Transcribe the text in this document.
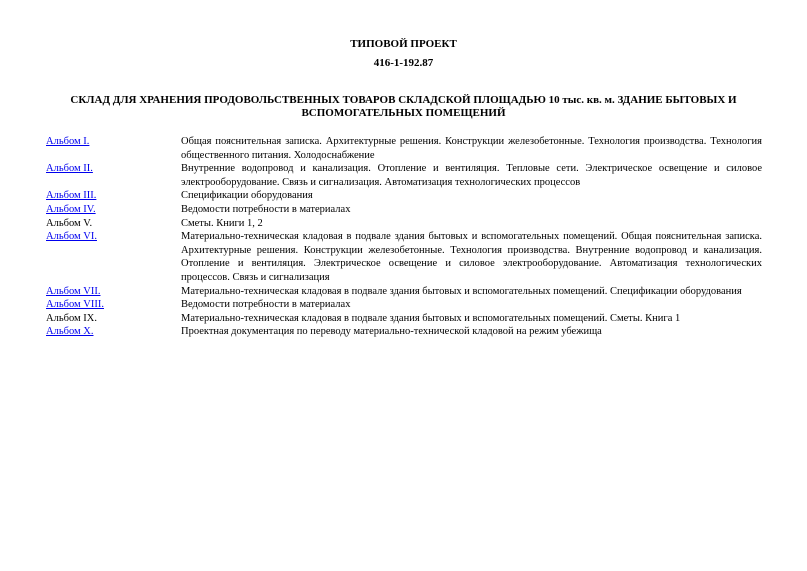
ТИПОВОЙ ПРОЕКТ
416-1-192.87
СКЛАД ДЛЯ ХРАНЕНИЯ ПРОДОВОЛЬСТВЕННЫХ ТОВАРОВ СКЛАДСКОЙ ПЛОЩАДЬЮ 10 тыс. кв. м. ЗДАНИЕ БЫТОВЫХ И ВСПОМОГАТЕЛЬНЫХ ПОМЕЩЕНИЙ
Альбом I.	Общая пояснительная записка. Архитектурные решения. Конструкции железобетонные. Технология производства. Технология общественного питания. Холодоснабжение
Альбом II.	Внутренние водопровод и канализация. Отопление и вентиляция. Тепловые сети. Электрическое освещение и силовое электрооборудование. Связь и сигнализация. Автоматизация технологических процессов
Альбом III.	Спецификации оборудования
Альбом IV.	Ведомости потребности в материалах
Альбом V.	Сметы. Книги 1, 2
Альбом VI.	Материально-техническая кладовая в подвале здания бытовых и вспомогательных помещений. Общая пояснительная записка. Архитектурные решения. Конструкции железобетонные. Технология производства. Внутренние водопровод и канализация. Отопление и вентиляция. Электрическое освещение и силовое электрооборудование. Автоматизация технологических процессов. Связь и сигнализация
Альбом VII.	Материально-техническая кладовая в подвале здания бытовых и вспомогательных помещений. Спецификации оборудования
Альбом VIII.	Ведомости потребности в материалах
Альбом IX.	Материально-техническая кладовая в подвале здания бытовых и вспомогательных помещений. Сметы. Книга 1
Альбом X.	Проектная документация по переводу материально-технической кладовой на режим убежища
